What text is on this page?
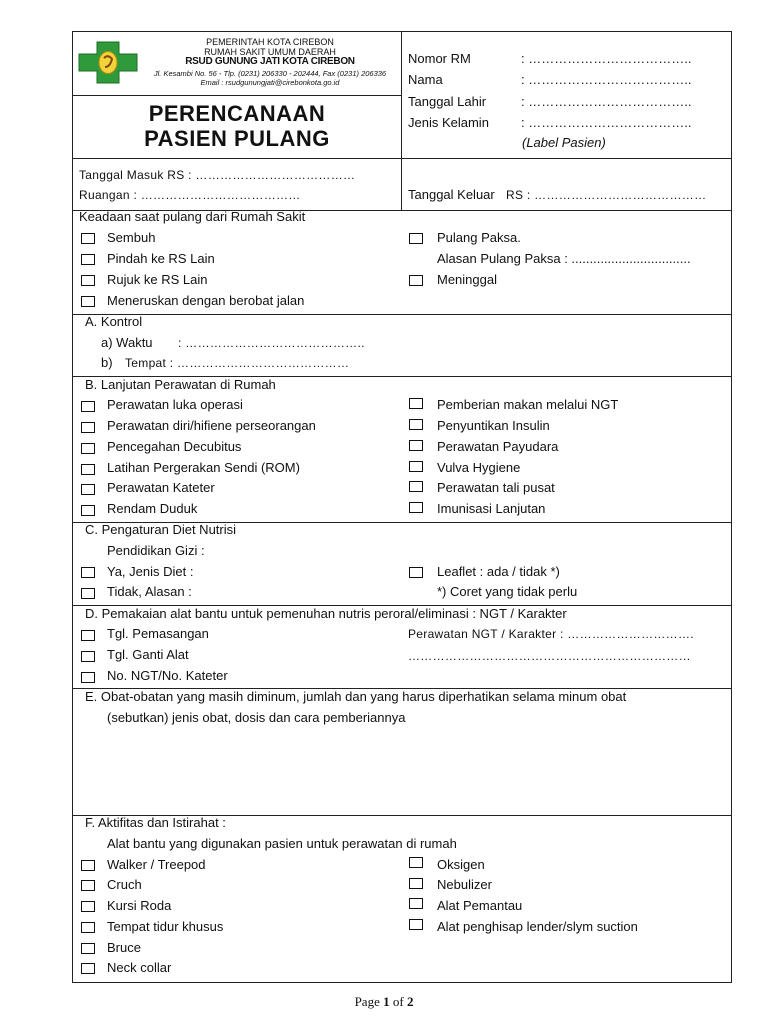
PEMERINTAH KOTA CIREBON
RUMAH SAKIT UMUM DAERAH
RSUD GUNUNG JATI KOTA CIREBON
Jl. Kesambi No. 56 - Tlp. (0231) 206330 - 202444, Fax (0231) 206336
Email : rsudgunungjati@cirebonkota.go.id
PERENCANAAN
PASIEN PULANG
Nomor RM	: ………………………………..
Nama	: ………………………………..
Tanggal Lahir	: ………………………………..
Jenis Kelamin : ………………………………..
(Label Pasien)
Tanggal Masuk RS : …………………………………
Ruangan : …………………………………	Tanggal Keluar RS : ……………………………………
Keadaan saat pulang dari Rumah Sakit
Sembuh
Pindah ke RS Lain
Rujuk ke RS Lain
Meneruskan dengan berobat jalan
Pulang Paksa.
Alasan Pulang Paksa : .................................
Meninggal
A. Kontrol
a) Waktu : ……………………………………..
b) Tempat : ……………………………………
B. Lanjutan Perawatan di Rumah
Perawatan luka operasi
Perawatan diri/hifiene perseorangan
Pencegahan Decubitus
Latihan Pergerakan Sendi (ROM)
Perawatan Kateter
Rendam Duduk
Pemberian makan melalui NGT
Penyuntikan Insulin
Perawatan Payudara
Vulva Hygiene
Perawatan tali pusat
Imunisasi Lanjutan
C. Pengaturan Diet Nutrisi
Pendidikan Gizi :
Ya, Jenis Diet :
Tidak, Alasan :
Leaflet : ada / tidak *)
*) Coret yang tidak perlu
D. Pemakaian alat bantu untuk pemenuhan nutris peroral/eliminasi : NGT / Karakter
Tgl. Pemasangan
Tgl. Ganti Alat
No. NGT/No. Kateter
Perawatan NGT / Karakter : ………………………….
……………………………………………………………
E. Obat-obatan yang masih diminum, jumlah dan yang harus diperhatikan selama minum obat
(sebutkan) jenis obat, dosis dan cara pemberiannya
F. Aktifitas dan Istirahat :
Alat bantu yang digunakan pasien untuk perawatan di rumah
Walker / Treepod
Cruch
Kursi Roda
Tempat tidur khusus
Bruce
Neck collar
Oksigen
Nebulizer
Alat Pemantau
Alat penghisap lender/slym suction
Page 1 of 2
